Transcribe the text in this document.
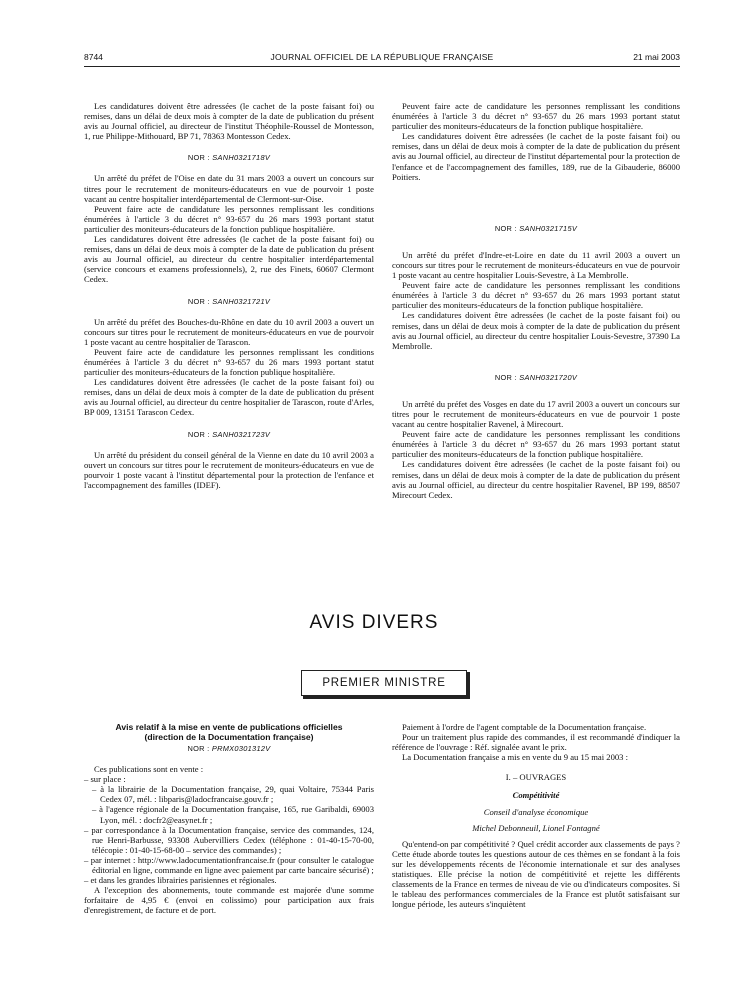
8744	JOURNAL OFFICIEL DE LA RÉPUBLIQUE FRANÇAISE	21 mai 2003

Les candidatures doivent être adressées (le cachet de la poste faisant foi) ou remises, dans un délai de deux mois à compter de la date de publication du présent avis au Journal officiel, au directeur de l'institut Théophile-Roussel de Montesson, 1, rue Philippe-Mithouard, BP 71, 78363 Montesson Cedex.

NOR : SANH0321718V

Un arrêté du préfet de l'Oise en date du 31 mars 2003 a ouvert un concours sur titres pour le recrutement de moniteurs-éducateurs en vue de pourvoir 1 poste vacant au centre hospitalier interdépartemental de Clermont-sur-Oise.

Peuvent faire acte de candidature les personnes remplissant les conditions énumérées à l'article 3 du décret n° 93-657 du 26 mars 1993 portant statut particulier des moniteurs-éducateurs de la fonction publique hospitalière.

Les candidatures doivent être adressées (le cachet de la poste faisant foi) ou remises, dans un délai de deux mois à compter de la date de publication du présent avis au Journal officiel, au directeur du centre hospitalier interdépartemental (service concours et examens professionnels), 2, rue des Finets, 60607 Clermont Cedex.

NOR : SANH0321721V

Un arrêté du préfet des Bouches-du-Rhône en date du 10 avril 2003 a ouvert un concours sur titres pour le recrutement de moniteurs-éducateurs en vue de pourvoir 1 poste vacant au centre hospitalier de Tarascon.

Peuvent faire acte de candidature les personnes remplissant les conditions énumérées à l'article 3 du décret n° 93-657 du 26 mars 1993 portant statut particulier des moniteurs-éducateurs de la fonction publique hospitalière.

Les candidatures doivent être adressées (le cachet de la poste faisant foi) ou remises, dans un délai de deux mois à compter de la date de publication du présent avis au Journal officiel, au directeur du centre hospitalier de Tarascon, route d'Arles, BP 009, 13151 Tarascon Cedex.

NOR : SANH0321723V

Un arrêté du président du conseil général de la Vienne en date du 10 avril 2003 a ouvert un concours sur titres pour le recrutement de moniteurs-éducateurs en vue de pourvoir 1 poste vacant à l'institut départemental pour la protection de l'enfance et l'accompagnement des familles (IDEF).

Peuvent faire acte de candidature les personnes remplissant les conditions énumérées à l'article 3 du décret n° 93-657 du 26 mars 1993 portant statut particulier des moniteurs-éducateurs de la fonction publique hospitalière.

Les candidatures doivent être adressées (le cachet de la poste faisant foi) ou remises, dans un délai de deux mois à compter de la date de publication du présent avis au Journal officiel, au directeur de l'institut départemental pour la protection de l'enfance et de l'accompagnement des familles, 189, rue de la Gibauderie, 86000 Poitiers.

NOR : SANH0321715V

Un arrêté du préfet d'Indre-et-Loire en date du 11 avril 2003 a ouvert un concours sur titres pour le recrutement de moniteurs-éducateurs en vue de pourvoir 1 poste vacant au centre hospitalier Louis-Sevestre, à La Membrolle.

Peuvent faire acte de candidature les personnes remplissant les conditions énumérées à l'article 3 du décret n° 93-657 du 26 mars 1993 portant statut particulier des moniteurs-éducateurs de la fonction publique hospitalière.

Les candidatures doivent être adressées (le cachet de la poste faisant foi) ou remises, dans un délai de deux mois à compter de la date de publication du présent avis au Journal officiel, au directeur du centre hospitalier Louis-Sevestre, 37390 La Membrolle.

NOR : SANH0321720V

Un arrêté du préfet des Vosges en date du 17 avril 2003 a ouvert un concours sur titres pour le recrutement de moniteurs-éducateurs en vue de pourvoir 1 poste vacant au centre hospitalier Ravenel, à Mirecourt.

Peuvent faire acte de candidature les personnes remplissant les conditions énumérées à l'article 3 du décret n° 93-657 du 26 mars 1993 portant statut particulier des moniteurs-éducateurs de la fonction publique hospitalière.

Les candidatures doivent être adressées (le cachet de la poste faisant foi) ou remises, dans un délai de deux mois à compter de la date de publication du présent avis au Journal officiel, au directeur du centre hospitalier Ravenel, BP 199, 88507 Mirecourt Cedex.

AVIS DIVERS
PREMIER MINISTRE
Avis relatif à la mise en vente de publications officielles
(direction de la Documentation française)
NOR : PRMX0301312V

Ces publications sont en vente :

– sur place :

– à la librairie de la Documentation française, 29, quai Voltaire, 75344 Paris Cedex 07, mél. : libparis@ladocfrancaise.gouv.fr ;

– à l'agence régionale de la Documentation française, 165, rue Garibaldi, 69003 Lyon, mél. : docfr2@easynet.fr ;

– par correspondance à la Documentation française, service des commandes, 124, rue Henri-Barbusse, 93308 Aubervilliers Cedex (téléphone : 01-40-15-70-00, télécopie : 01-40-15-68-00 – service des commandes) ;

– par internet : http://www.ladocumentationfrancaise.fr (pour consulter le catalogue éditorial en ligne, commande en ligne avec paiement par carte bancaire sécurisé) ;

– et dans les grandes librairies parisiennes et régionales.

A l'exception des abonnements, toute commande est majorée d'une somme forfaitaire de 4,95 € (envoi en colissimo) pour participation aux frais d'enregistrement, de facture et de port.

Paiement à l'ordre de l'agent comptable de la Documentation française.

Pour un traitement plus rapide des commandes, il est recommandé d'indiquer la référence de l'ouvrage : Réf. signalée avant le prix.

La Documentation française a mis en vente du 9 au 15 mai 2003 :

I. – OUVRAGES
Compétitivité
Conseil d'analyse économique
Michel Debonneuil, Lionel Fontagné

Qu'entend-on par compétitivité ? Quel crédit accorder aux classements de pays ? Cette étude aborde toutes les questions autour de ces thèmes en se fondant à la fois sur les développements récents de l'économie internationale et sur des analyses statistiques. Elle précise la notion de compétitivité et rejette les différents classements de la France en termes de niveau de vie ou d'indicateurs composites. Si le tableau des performances commerciales de la France est plutôt satisfaisant sur longue période, les auteurs s'inquiètent
